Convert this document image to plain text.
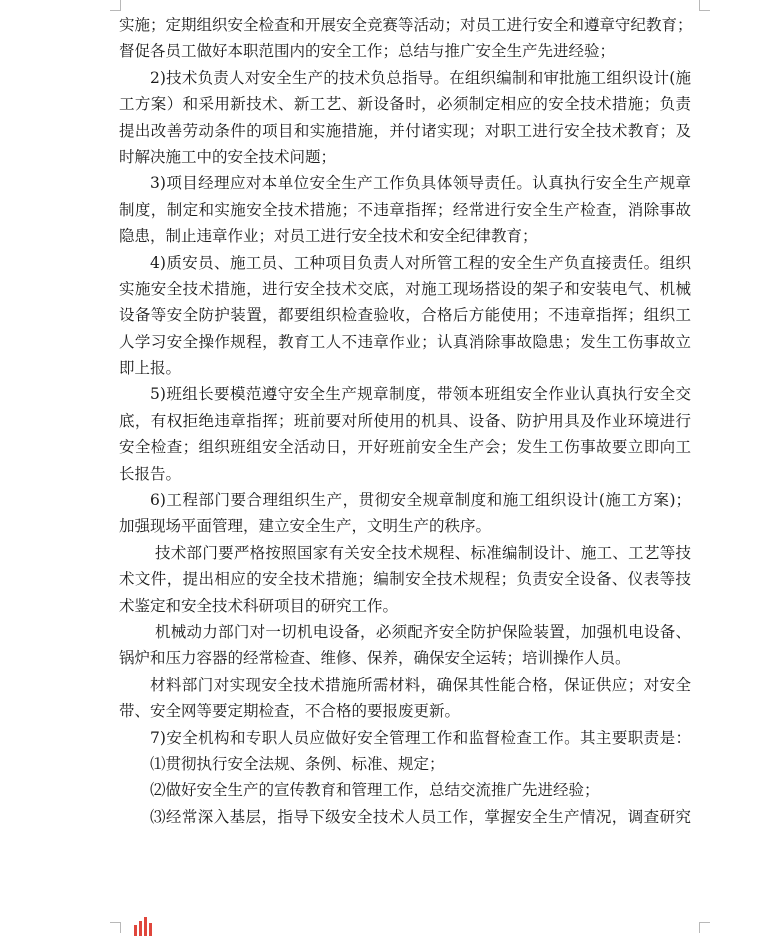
实施；定期组织安全检查和开展安全竞赛等活动；对员工进行安全和遵章守纪教育；
督促各员工做好本职范围内的安全工作；总结与推广安全生产先进经验；
2)技术负责人对安全生产的技术负总指导。在组织编制和审批施工组织设计(施
工方案）和采用新技术、新工艺、新设备时，必须制定相应的安全技术措施；负责
提出改善劳动条件的项目和实施措施，并付诸实现；对职工进行安全技术教育；及
时解决施工中的安全技术问题；
3)项目经理应对本单位安全生产工作负具体领导责任。认真执行安全生产规章
制度，制定和实施安全技术措施；不违章指挥；经常进行安全生产检查，消除事故
隐患，制止违章作业；对员工进行安全技术和安全纪律教育；
4)质安员、施工员、工种项目负责人对所管工程的安全生产负直接责任。组织
实施安全技术措施，进行安全技术交底，对施工现场搭设的架子和安装电气、机械
设备等安全防护装置，都要组织检查验收，合格后方能使用；不违章指挥；组织工
人学习安全操作规程，教育工人不违章作业；认真消除事故隐患；发生工伤事故立
即上报。
5)班组长要模范遵守安全生产规章制度，带领本班组安全作业认真执行安全交
底，有权拒绝违章指挥；班前要对所使用的机具、设备、防护用具及作业环境进行
安全检查；组织班组安全活动日，开好班前安全生产会；发生工伤事故要立即向工
长报告。
6)工程部门要合理组织生产，贯彻安全规章制度和施工组织设计(施工方案)；
加强现场平面管理，建立安全生产，文明生产的秩序。
技术部门要严格按照国家有关安全技术规程、标准编制设计、施工、工艺等技
术文件，提出相应的安全技术措施；编制安全技术规程；负责安全设备、仪表等技
术鉴定和安全技术科研项目的研究工作。
机械动力部门对一切机电设备，必须配齐安全防护保险装置，加强机电设备、
锅炉和压力容器的经常检查、维修、保养，确保安全运转；培训操作人员。
材料部门对实现安全技术措施所需材料，确保其性能合格，保证供应；对安全
带、安全网等要定期检查，不合格的要报废更新。
7)安全机构和专职人员应做好安全管理工作和监督检查工作。其主要职责是：
⑴贯彻执行安全法规、条例、标准、规定；
⑵做好安全生产的宣传教育和管理工作，总结交流推广先进经验；
⑶经常深入基层，指导下级安全技术人员工作，掌握安全生产情况，调查研究
